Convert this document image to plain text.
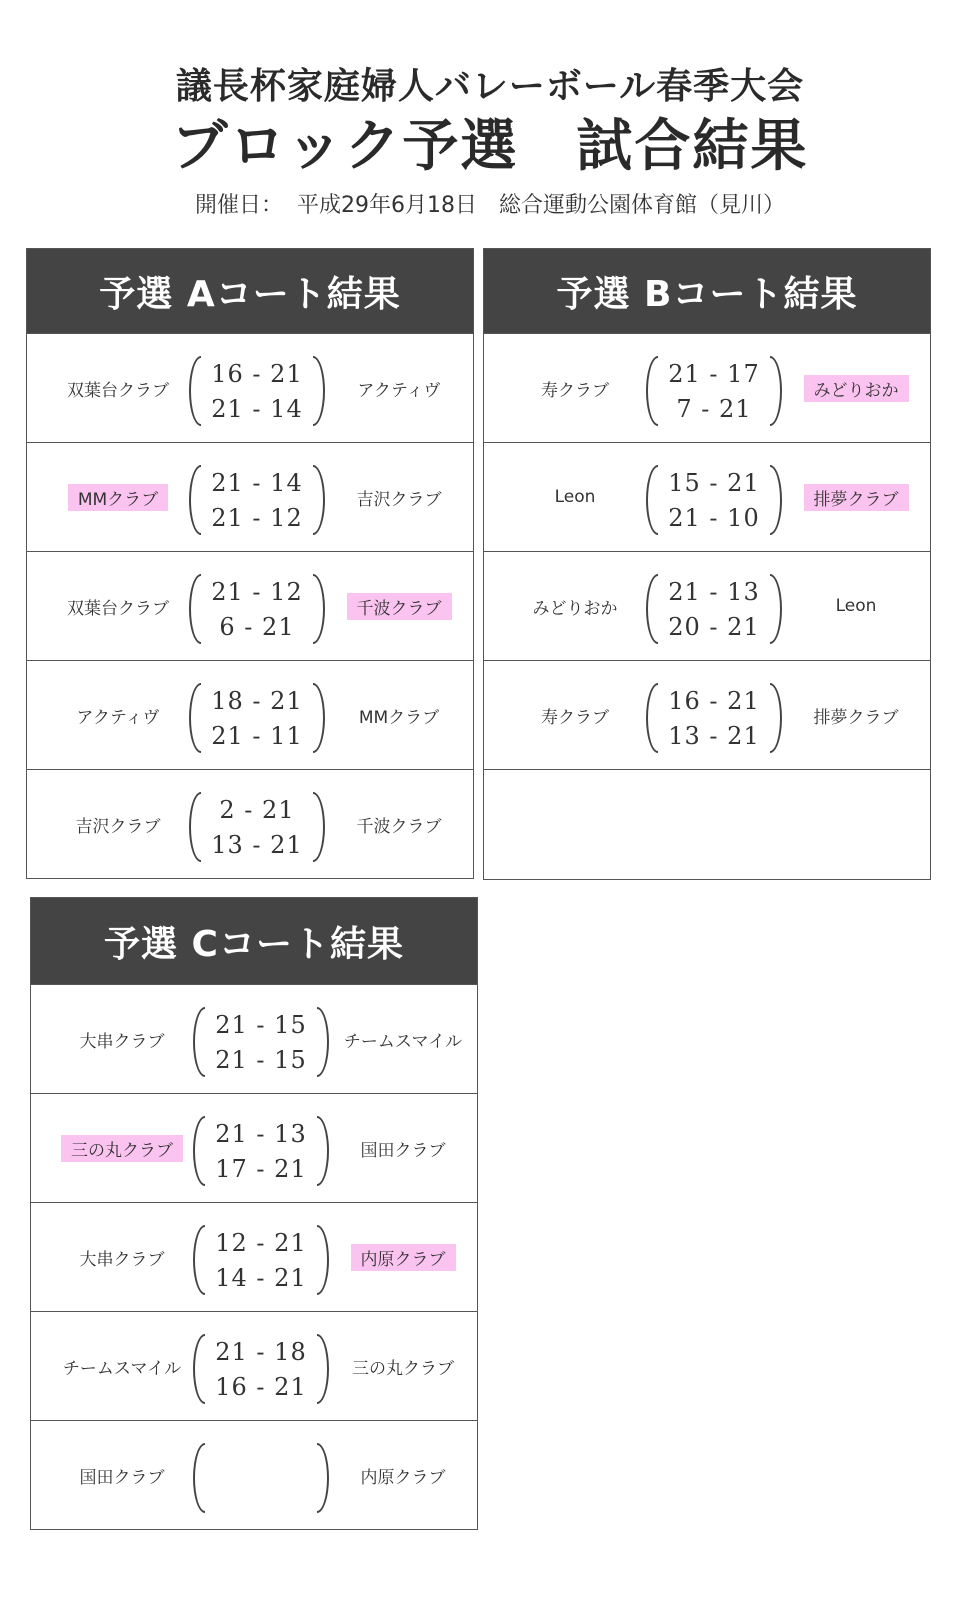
議長杯家庭婦人バレーボール春季大会
ブロック予選　試合結果
開催日：  平成29年6月18日　総合運動公園体育館（見川）
予選 Aコート結果
双葉台クラブ
16 - 21
21 - 14
アクティヴ
MMクラブ
21 - 14
21 - 12
吉沢クラブ
双葉台クラブ
21 - 12
6 - 21
千波クラブ
アクティヴ
18 - 21
21 - 11
MMクラブ
吉沢クラブ
2 - 21
13 - 21
千波クラブ
予選 Bコート結果
寿クラブ
21 - 17
7 - 21
みどりおか
Leon	15 - 21
21 - 10
排夢クラブ
みどりおか
21 - 13
20 - 21
Leon
寿クラブ
16 - 21
13 - 21
排夢クラブ
予選 Cコート結果
大串クラブ
21 - 15
21 - 15
チームスマイル
三の丸クラブ
21 - 13
17 - 21
国田クラブ
大串クラブ
12 - 21
14 - 21
内原クラブ
チームスマイル
21 - 18
16 - 21
三の丸クラブ
国田クラブ	内原クラブ
